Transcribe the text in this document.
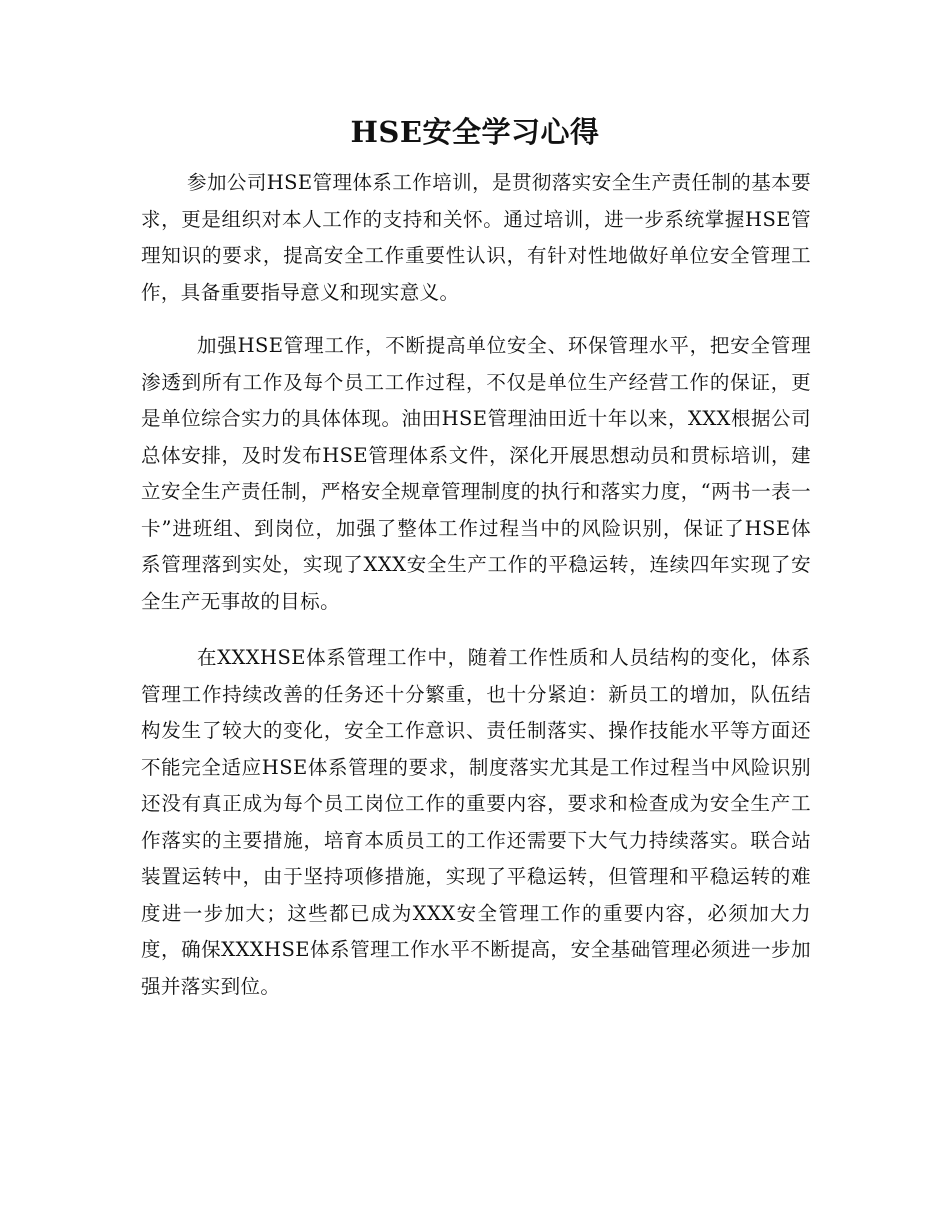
HSE安全学习心得

参加公司HSE管理体系工作培训，是贯彻落实安全生产责任制的基本要求，更是组织对本人工作的支持和关怀。通过培训，进一步系统掌握HSE管理知识的要求，提高安全工作重要性认识，有针对性地做好单位安全管理工作，具备重要指导意义和现实意义。

加强HSE管理工作，不断提高单位安全、环保管理水平，把安全管理渗透到所有工作及每个员工工作过程，不仅是单位生产经营工作的保证，更是单位综合实力的具体体现。油田HSE管理油田近十年以来，XXX根据公司总体安排，及时发布HSE管理体系文件，深化开展思想动员和贯标培训，建立安全生产责任制，严格安全规章管理制度的执行和落实力度，“两书一表一卡”进班组、到岗位，加强了整体工作过程当中的风险识别，保证了HSE体系管理落到实处，实现了XXX安全生产工作的平稳运转，连续四年实现了安全生产无事故的目标。

在XXXHSE体系管理工作中，随着工作性质和人员结构的变化，体系管理工作持续改善的任务还十分繁重，也十分紧迫：新员工的增加，队伍结构发生了较大的变化，安全工作意识、责任制落实、操作技能水平等方面还不能完全适应HSE体系管理的要求，制度落实尤其是工作过程当中风险识别还没有真正成为每个员工岗位工作的重要内容，要求和检查成为安全生产工作落实的主要措施，培育本质员工的工作还需要下大气力持续落实。联合站装置运转中，由于坚持项修措施，实现了平稳运转，但管理和平稳运转的难度进一步加大；这些都已成为XXX安全管理工作的重要内容，必须加大力度，确保XXXHSE体系管理工作水平不断提高，安全基础管理必须进一步加强并落实到位。
